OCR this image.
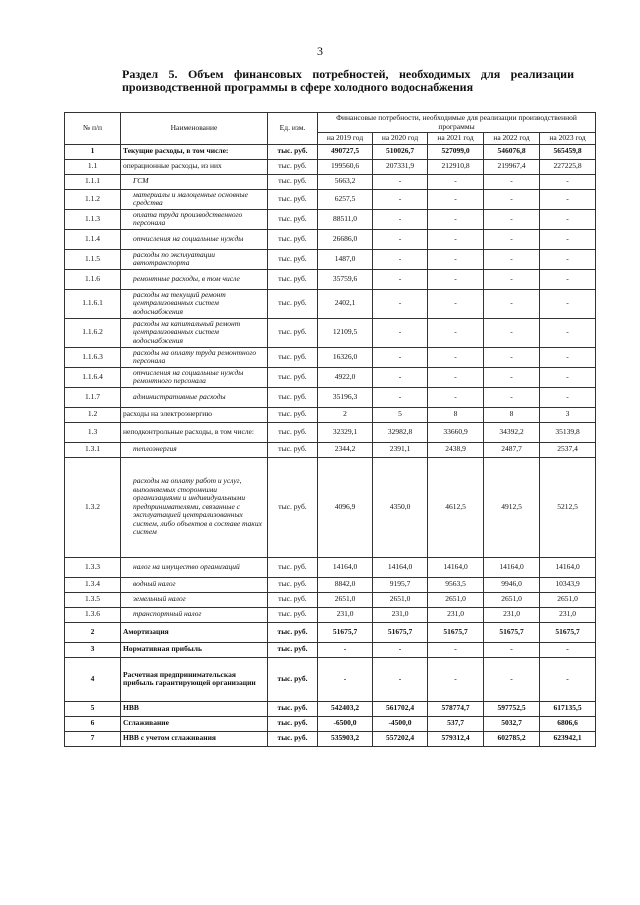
3
Раздел 5. Объем финансовых потребностей, необходимых для реализации производственной программы в сфере холодного водоснабжения
№ п/п	Наименование	Ед. изм.	Финансовые потребности, необходимые для реализации производственной программы				
			на 2019 год	на 2020 год	на 2021 год	на 2022 год	на 2023 год
1	Текущие расходы, в том числе:	тыс. руб.	490727,5	510026,7	527099,0	546076,8	565459,8
1.1	операционные расходы, из них	тыс. руб.	199560,6	207331,9	212910,8	219967,4	227225,8
1.1.1	ГСМ	тыс. руб.	5663,2	-	-	-	-
1.1.2	материалы и малоценные основные средства	тыс. руб.	6257,5	-	-	-	-
1.1.3	оплата труда производственного персонала	тыс. руб.	88511,0	-	-	-	-
1.1.4	отчисления на социальные нужды	тыс. руб.	26686,0	-	-	-	-
1.1.5	расходы по эксплуатации автотранспорта	тыс. руб.	1487,0	-	-	-	-
1.1.6	ремонтные расходы, в том числе	тыс. руб.	35759,6	-	-	-	-
1.1.6.1	расходы на текущий ремонт централизованных систем водоснабжения	тыс. руб.	2402,1	-	-	-	-
1.1.6.2	расходы на капитальный ремонт централизованных систем водоснабжения	тыс. руб.	12109,5	-	-	-	-
1.1.6.3	расходы на оплату труда ремонтного персонала	тыс. руб.	16326,0	-	-	-	-
1.1.6.4	отчисления на социальные нужды ремонтного персонала	тыс. руб.	4922,0	-	-	-	-
1.1.7	административные расходы	тыс. руб.	35196,3	-	-	-	-
1.2	расходы на электроэнергию	тыс. руб.	2	5	8	8	3
1.3	неподконтрольные расходы, в том числе:	тыс. руб.	32329,1	32982,8	33660,9	34392,2	35139,8
1.3.1	теплоэнергия	тыс. руб.	2344,2	2391,1	2438,9	2487,7	2537,4
1.3.2	расходы на оплату работ и услуг, выполняемых сторонними организациями и индивидуальными предпринимателями, связанные с эксплуатацией централизованных систем, либо объектов в составе таких систем	тыс. руб.	4096,9	4350,0	4612,5	4912,5	5212,5
1.3.3	налог на имущество организаций	тыс. руб.	14164,0	14164,0	14164,0	14164,0	14164,0
1.3.4	водный налог	тыс. руб.	8842,0	9195,7	9563,5	9946,0	10343,9
1.3.5	земельный налог	тыс. руб.	2651,0	2651,0	2651,0	2651,0	2651,0
1.3.6	транспортный налог	тыс. руб.	231,0	231,0	231,0	231,0	231,0
2	Амортизация	тыс. руб.	51675,7	51675,7	51675,7	51675,7	51675,7
3	Нормативная прибыль	тыс. руб.	-	-	-	-	-
4	Расчетная предпринимательская прибыль гарантирующей организации	тыс. руб.	-	-	-	-	-
5	НВВ	тыс. руб.	542403,2	561702,4	578774,7	597752,5	617135,5
6	Сглаживание	тыс. руб.	-6500,0	-4500,0	537,7	5032,7	6806,6
7	НВВ с учетом сглаживания	тыс. руб.	535903,2	557202,4	579312,4	602785,2	623942,1
